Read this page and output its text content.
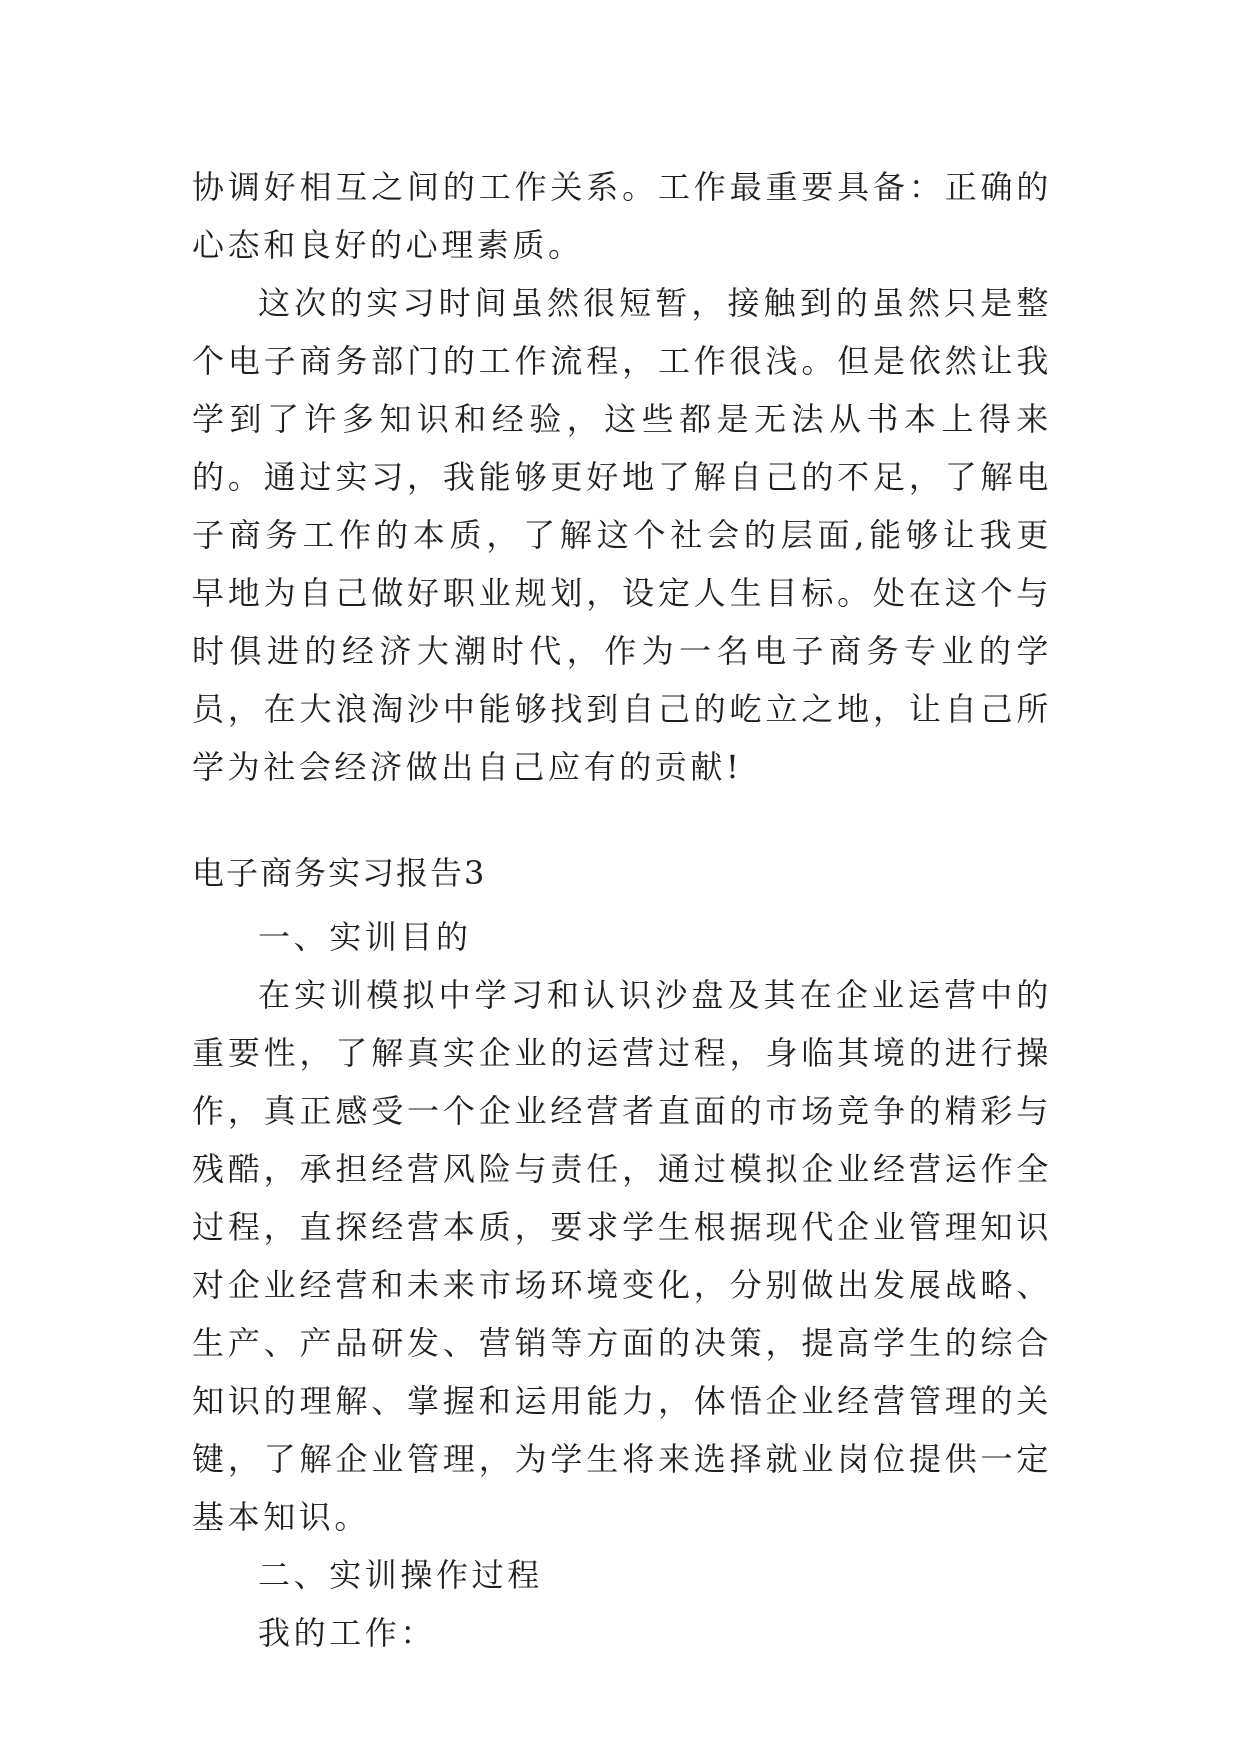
协调好相互之间的工作关系。工作最重要具备：正确的心态和良好的心理素质。

这次的实习时间虽然很短暂，接触到的虽然只是整个电子商务部门的工作流程，工作很浅。但是依然让我学到了许多知识和经验，这些都是无法从书本上得来的。通过实习，我能够更好地了解自己的不足，了解电子商务工作的本质，了解这个社会的层面,能够让我更早地为自己做好职业规划，设定人生目标。处在这个与时俱进的经济大潮时代，作为一名电子商务专业的学员，在大浪淘沙中能够找到自己的屹立之地，让自己所学为社会经济做出自己应有的贡献!

电子商务实习报告3

一、实训目的

在实训模拟中学习和认识沙盘及其在企业运营中的重要性，了解真实企业的运营过程，身临其境的进行操作，真正感受一个企业经营者直面的市场竞争的精彩与残酷，承担经营风险与责任，通过模拟企业经营运作全过程，直探经营本质，要求学生根据现代企业管理知识对企业经营和未来市场环境变化，分别做出发展战略、生产、产品研发、营销等方面的决策，提高学生的综合知识的理解、掌握和运用能力，体悟企业经营管理的关键，了解企业管理，为学生将来选择就业岗位提供一定基本知识。

二、实训操作过程

我的工作：
